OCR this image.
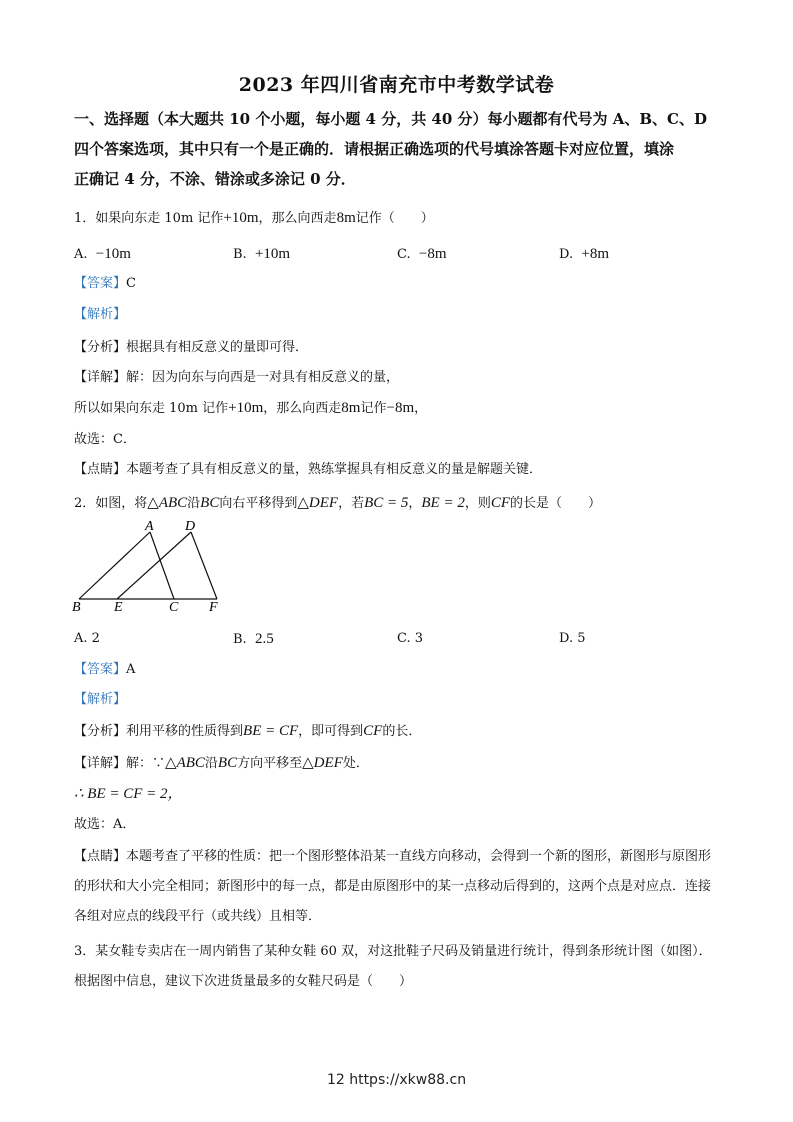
2023 年四川省南充市中考数学试卷
一、选择题（本大题共 10 个小题，每小题 4 分，共 40 分）每小题都有代号为 A、B、C、D
四个答案选项，其中只有一个是正确的．请根据正确选项的代号填涂答题卡对应位置，填涂
正确记 4 分，不涂、错涂或多涂记 0 分．
1．如果向东走 10m 记作+10m，那么向西走8m记作（　　）
A. −10m	B. +10m	C. −8m	D. +8m
【答案】C
【解析】
【分析】根据具有相反意义的量即可得．
【详解】解：因为向东与向西是一对具有相反意义的量，
所以如果向东走 10m 记作+10m，那么向西走8m记作−8m，
故选：C．
【点睛】本题考查了具有相反意义的量，熟练掌握具有相反意义的量是解题关键．
2．如图，将△ABC沿BC向右平移得到△DEF，若BC = 5，BE = 2，则CF的长是（　　）
A D
B E	C F
A. 2	B. 2.5	C. 3	D. 5
【答案】A
【解析】
【分析】利用平移的性质得到BE = CF，即可得到CF的长．
【详解】解：∵△ABC沿BC方向平移至△DEF处．
∴ BE = CF = 2，
故选：A．
【点睛】本题考查了平移的性质：把一个图形整体沿某一直线方向移动，会得到一个新的图形，新图形与原图形的形状和大小完全相同；新图形中的每一点，都是由原图形中的某一点移动后得到的，这两个点是对应点．连接各组对应点的线段平行（或共线）且相等．
3．某女鞋专卖店在一周内销售了某种女鞋 60 双，对这批鞋子尺码及销量进行统计，得到条形统计图（如图）．根据图中信息，建议下次进货量最多的女鞋尺码是（　　）
12 https://xkw88.cn
